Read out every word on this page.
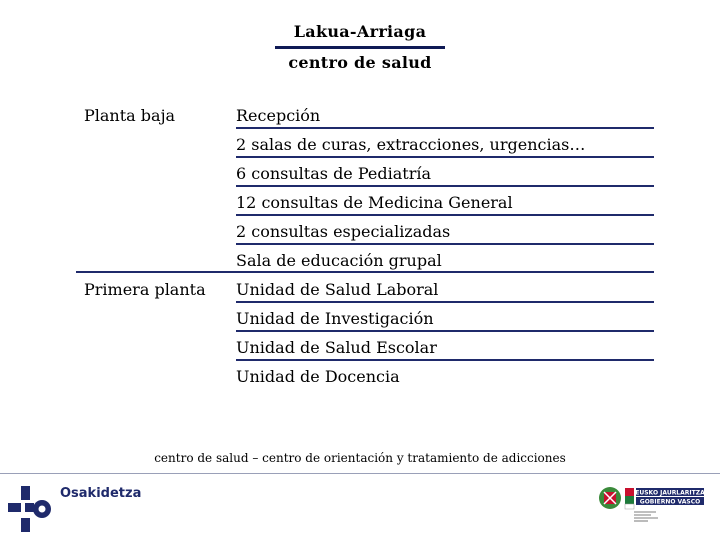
Lakua-Arriaga
centro de salud
Planta baja
Primera planta
Recepción
2 salas de curas, extracciones, urgencias…
6 consultas de Pediatría
12 consultas de Medicina General
2 consultas especializadas
Sala de educación grupal
Unidad de Salud Laboral
Unidad de Investigación
Unidad de Salud Escolar
Unidad de Docencia
centro de salud – centro de orientación y tratamiento de adicciones
Osakidetza	EUSKO JAURLARITZA
GOBIERNO VASCO
